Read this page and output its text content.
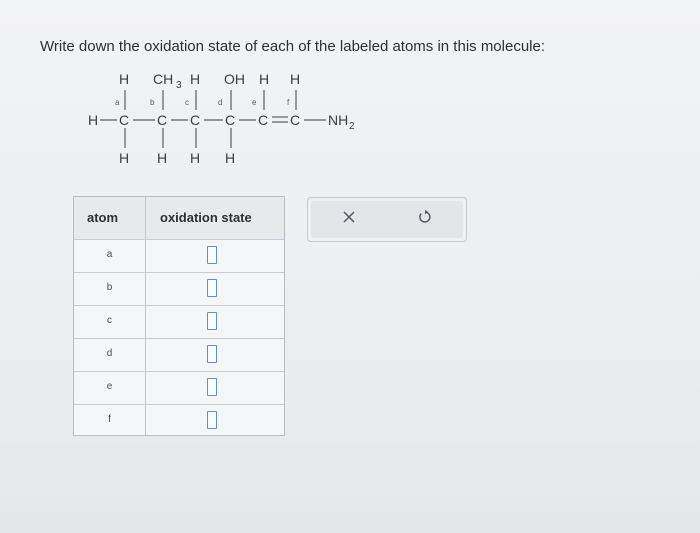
Write down the oxidation state of each of the labeled atoms in this molecule:
H CH 3 H OH H H
a	b	c	d	e	f
H C C C C C C NH 2
H H H H
atom	oxidation state
a
b
c
d
e
f
